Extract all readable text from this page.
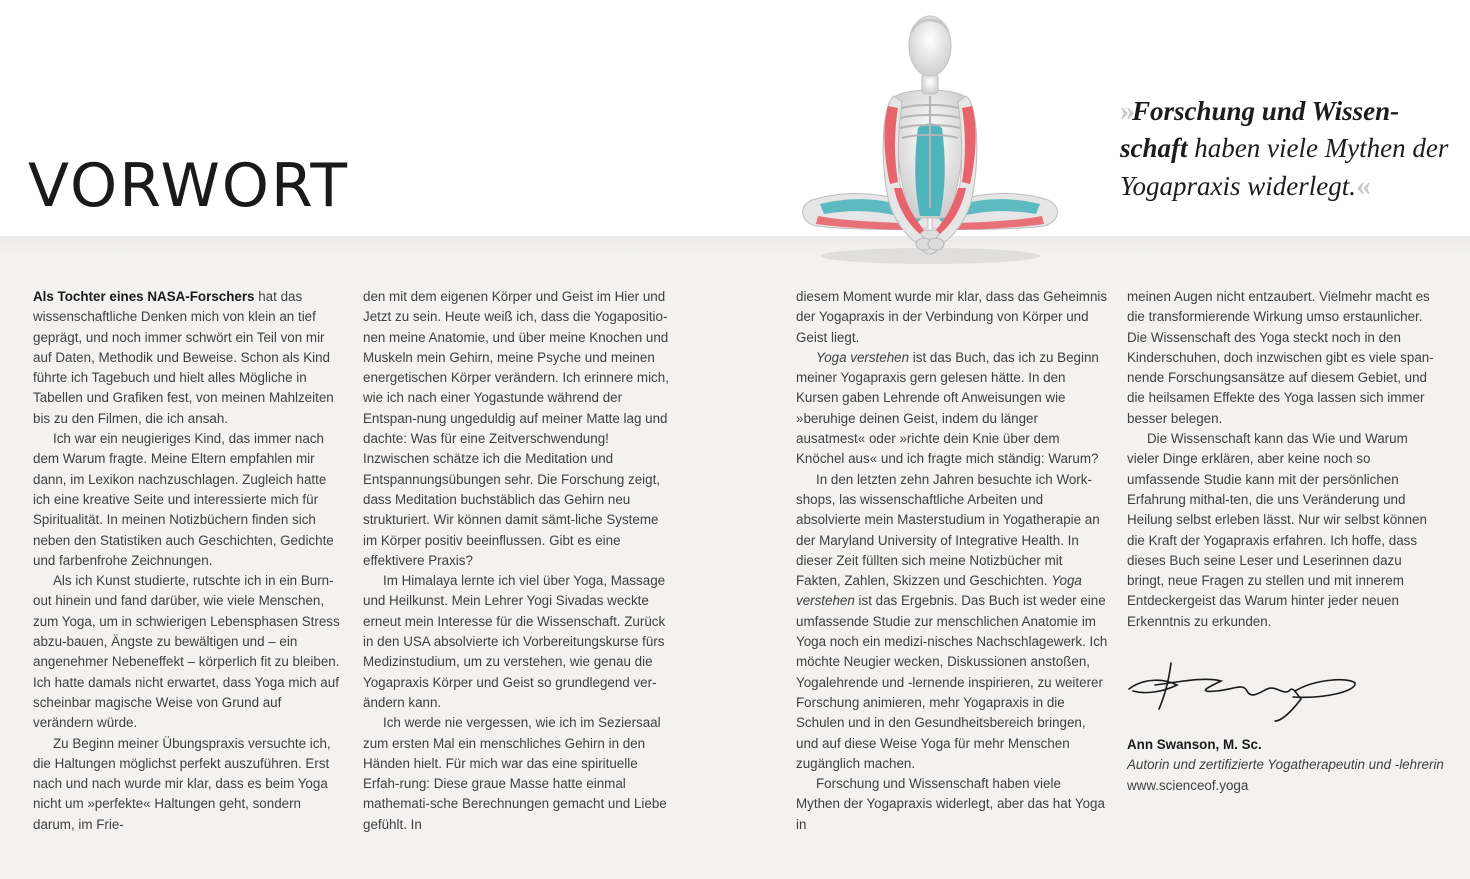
VORWORT
»Forschung und Wissen-schaft haben viele Mythen der Yogapraxis widerlegt.«

Als Tochter eines NASA-Forschers hat das wissenschaftliche Denken mich von klein an tief geprägt, und noch immer schwört ein Teil von mir auf Daten, Methodik und Beweise. Schon als Kind führte ich Tagebuch und hielt alles Mögliche in Tabellen und Grafiken fest, von meinen Mahlzeiten bis zu den Filmen, die ich ansah.

Ich war ein neugieriges Kind, das immer nach dem Warum fragte. Meine Eltern empfahlen mir dann, im Lexikon nachzuschlagen. Zugleich hatte ich eine kreative Seite und interessierte mich für Spiritualität. In meinen Notizbüchern finden sich neben den Statistiken auch Geschichten, Gedichte und farbenfrohe Zeichnungen.

Als ich Kunst studierte, rutschte ich in ein Burn-out hinein und fand darüber, wie viele Menschen, zum Yoga, um in schwierigen Lebensphasen Stress abzu-bauen, Ängste zu bewältigen und – ein angenehmer Nebeneffekt – körperlich fit zu bleiben. Ich hatte damals nicht erwartet, dass Yoga mich auf scheinbar magische Weise von Grund auf verändern würde.

Zu Beginn meiner Übungspraxis versuchte ich, die Haltungen möglichst perfekt auszuführen. Erst nach und nach wurde mir klar, dass es beim Yoga nicht um »perfekte« Haltungen geht, sondern darum, im Frie-

den mit dem eigenen Körper und Geist im Hier und Jetzt zu sein. Heute weiß ich, dass die Yogapositio-nen meine Anatomie, und über meine Knochen und Muskeln mein Gehirn, meine Psyche und meinen energetischen Körper verändern. Ich erinnere mich, wie ich nach einer Yogastunde während der Entspan-nung ungeduldig auf meiner Matte lag und dachte: Was für eine Zeitverschwendung! Inzwischen schätze ich die Meditation und Entspannungsübungen sehr. Die Forschung zeigt, dass Meditation buchstäblich das Gehirn neu strukturiert. Wir können damit sämt-liche Systeme im Körper positiv beeinflussen. Gibt es eine effektivere Praxis?

Im Himalaya lernte ich viel über Yoga, Massage und Heilkunst. Mein Lehrer Yogi Sivadas weckte erneut mein Interesse für die Wissenschaft. Zurück in den USA absolvierte ich Vorbereitungskurse fürs Medizinstudium, um zu verstehen, wie genau die Yogapraxis Körper und Geist so grundlegend ver-ändern kann.

Ich werde nie vergessen, wie ich im Seziersaal zum ersten Mal ein menschliches Gehirn in den Händen hielt. Für mich war das eine spirituelle Erfah-rung: Diese graue Masse hatte einmal mathemati-sche Berechnungen gemacht und Liebe gefühlt. In

diesem Moment wurde mir klar, dass das Geheimnis der Yogapraxis in der Verbindung von Körper und Geist liegt.

Yoga verstehen ist das Buch, das ich zu Beginn meiner Yogapraxis gern gelesen hätte. In den Kursen gaben Lehrende oft Anweisungen wie »beruhige deinen Geist, indem du länger ausatmest« oder »richte dein Knie über dem Knöchel aus« und ich fragte mich ständig: Warum?

In den letzten zehn Jahren besuchte ich Work-shops, las wissenschaftliche Arbeiten und absolvierte mein Masterstudium in Yogatherapie an der Maryland University of Integrative Health. In dieser Zeit füllten sich meine Notizbücher mit Fakten, Zahlen, Skizzen und Geschichten. Yoga verstehen ist das Ergebnis. Das Buch ist weder eine umfassende Studie zur menschlichen Anatomie im Yoga noch ein medizi-nisches Nachschlagewerk. Ich möchte Neugier wecken, Diskussionen anstoßen, Yogalehrende und -lernende inspirieren, zu weiterer Forschung animieren, mehr Yogapraxis in die Schulen und in den Gesundheitsbereich bringen, und auf diese Weise Yoga für mehr Menschen zugänglich machen.

Forschung und Wissenschaft haben viele Mythen der Yogapraxis widerlegt, aber das hat Yoga in

meinen Augen nicht entzaubert. Vielmehr macht es die transformierende Wirkung umso erstaunlicher. Die Wissenschaft des Yoga steckt noch in den Kinderschuhen, doch inzwischen gibt es viele span-nende Forschungsansätze auf diesem Gebiet, und die heilsamen Effekte des Yoga lassen sich immer besser belegen.

Die Wissenschaft kann das Wie und Warum vieler Dinge erklären, aber keine noch so umfassende Studie kann mit der persönlichen Erfahrung mithal-ten, die uns Veränderung und Heilung selbst erleben lässt. Nur wir selbst können die Kraft der Yogapraxis erfahren. Ich hoffe, dass dieses Buch seine Leser und Leserinnen dazu bringt, neue Fragen zu stellen und mit innerem Entdeckergeist das Warum hinter jeder neuen Erkenntnis zu erkunden.

Ann Swanson, M. Sc.
Autorin und zertifizierte Yogatherapeutin und -lehrerin
www.scienceof.yoga
